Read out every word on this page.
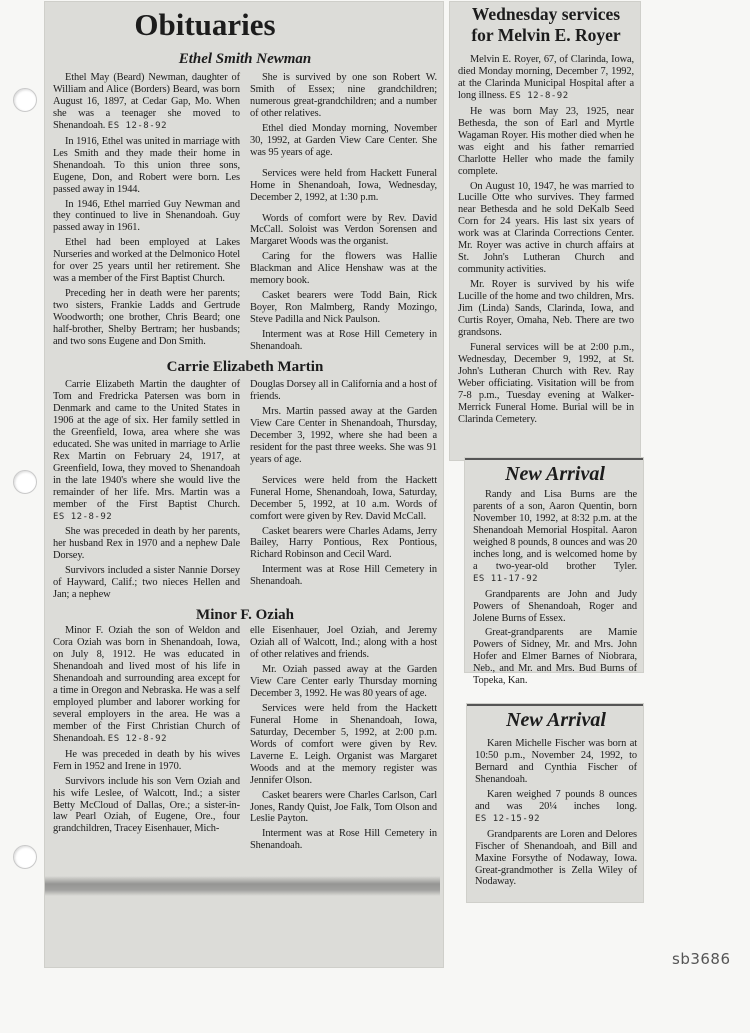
Obituaries
Ethel Smith Newman

Ethel May (Beard) Newman, daughter of William and Alice (Borders) Beard, was born August 16, 1897, at Cedar Gap, Mo. When she was a teenager she moved to Shenandoah. ES 12-8-92

In 1916, Ethel was united in marriage with Les Smith and they made their home in Shenandoah. To this union three sons, Eugene, Don, and Robert were born. Les passed away in 1944.

In 1946, Ethel married Guy Newman and they continued to live in Shenandoah. Guy passed away in 1961.

Ethel had been employed at Lakes Nurseries and worked at the Delmonico Hotel for over 25 years until her retirement. She was a member of the First Baptist Church.

Preceding her in death were her parents; two sisters, Frankie Ladds and Gertrude Woodworth; one brother, Chris Beard; one half-brother, Shelby Bertram; her husbands; and two sons Eugene and Don Smith.

She is survived by one son Robert W. Smith of Essex; nine grandchildren; numerous great-grandchildren; and a number of other relatives.

Ethel died Monday morning, November 30, 1992, at Garden View Care Center. She was 95 years of age.

Services were held from Hackett Funeral Home in Shenandoah, Iowa, Wednesday, December 2, 1992, at 1:30 p.m.

Words of comfort were by Rev. David McCall. Soloist was Verdon Sorensen and Margaret Woods was the organist.

Caring for the flowers was Hallie Blackman and Alice Henshaw was at the memory book.

Casket bearers were Todd Bain, Rick Boyer, Ron Malmberg, Randy Mozingo, Steve Padilla and Nick Paulson.

Interment was at Rose Hill Cemetery in Shenandoah.

Carrie Elizabeth Martin

Carrie Elizabeth Martin the daughter of Tom and Fredricka Patersen was born in Denmark and came to the United States in 1906 at the age of six. Her family settled in the Greenfield, Iowa, area where she was educated. She was united in marriage to Arlie Rex Martin on February 24, 1917, at Greenfield, Iowa, they moved to Shenandoah in the late 1940's where she would live the remainder of her life. Mrs. Martin was a member of the First Baptist Church. ES 12-8-92

She was preceded in death by her parents, her husband Rex in 1970 and a nephew Dale Dorsey.

Survivors included a sister Nannie Dorsey of Hayward, Calif.; two nieces Hellen and Jan; a nephew

Douglas Dorsey all in California and a host of friends.

Mrs. Martin passed away at the Garden View Care Center in Shenandoah, Thursday, December 3, 1992, where she had been a resident for the past three weeks. She was 91 years of age.

Services were held from the Hackett Funeral Home, Shenandoah, Iowa, Saturday, December 5, 1992, at 10 a.m. Words of comfort were given by Rev. David McCall.

Casket bearers were Charles Adams, Jerry Bailey, Harry Pontious, Rex Pontious, Richard Robinson and Cecil Ward.

Interment was at Rose Hill Cemetery in Shenandoah.

Minor F. Oziah

Minor F. Oziah the son of Weldon and Cora Oziah was born in Shenandoah, Iowa, on July 8, 1912. He was educated in Shenandoah and lived most of his life in Shenandoah and surrounding area except for a time in Oregon and Nebraska. He was a self employed plumber and laborer working for several employers in the area. He was a member of the First Christian Church of Shenandoah. ES 12-8-92

He was preceded in death by his wives Fern in 1952 and Irene in 1970.

Survivors include his son Vern Oziah and his wife Leslee, of Walcott, Ind.; a sister Betty McCloud of Dallas, Ore.; a sister-in-law Pearl Oziah, of Eugene, Ore., four grandchildren, Tracey Eisenhauer, Mich-

elle Eisenhauer, Joel Oziah, and Jeremy Oziah all of Walcott, Ind.; along with a host of other relatives and friends.

Mr. Oziah passed away at the Garden View Care Center early Thursday morning December 3, 1992. He was 80 years of age.

Services were held from the Hackett Funeral Home in Shenandoah, Iowa, Saturday, December 5, 1992, at 2:00 p.m. Words of comfort were given by Rev. Laverne E. Leigh. Organist was Margaret Woods and at the memory register was Jennifer Olson.

Casket bearers were Charles Carlson, Carl Jones, Randy Quist, Joe Falk, Tom Olson and Leslie Payton.

Interment was at Rose Hill Cemetery in Shenandoah.

Wednesday services
for Melvin E. Royer

Melvin E. Royer, 67, of Clarinda, Iowa, died Monday morning, December 7, 1992, at the Clarinda Municipal Hospital after a long illness. ES 12-8-92

He was born May 23, 1925, near Bethesda, the son of Earl and Myrtle Wagaman Royer. His mother died when he was eight and his father remarried Charlotte Heller who made the family complete.

On August 10, 1947, he was married to Lucille Otte who survives. They farmed near Bethesda and he sold DeKalb Seed Corn for 24 years. His last six years of work was at Clarinda Corrections Center. Mr. Royer was active in church affairs at St. John's Lutheran Church and community activities.

Mr. Royer is survived by his wife Lucille of the home and two children, Mrs. Jim (Linda) Sands, Clarinda, Iowa, and Curtis Royer, Omaha, Neb. There are two grandsons.

Funeral services will be at 2:00 p.m., Wednesday, December 9, 1992, at St. John's Lutheran Church with Rev. Ray Weber officiating. Visitation will be from 7-8 p.m., Tuesday evening at Walker-Merrick Funeral Home. Burial will be in Clarinda Cemetery.

New Arrival

Randy and Lisa Burns are the parents of a son, Aaron Quentin, born November 10, 1992, at 8:32 p.m. at the Shenandoah Memorial Hospital. Aaron weighed 8 pounds, 8 ounces and was 20 inches long, and is welcomed home by a two-year-old brother Tyler. ES 11-17-92

Grandparents are John and Judy Powers of Shenandoah, Roger and Jolene Burns of Essex.

Great-grandparents are Mamie Powers of Sidney, Mr. and Mrs. John Hofer and Elmer Barnes of Niobrara, Neb., and Mr. and Mrs. Bud Burns of Topeka, Kan.

New Arrival

Karen Michelle Fischer was born at 10:50 p.m., November 24, 1992, to Bernard and Cynthia Fischer of Shenandoah.

Karen weighed 7 pounds 8 ounces and was 20¼ inches long. ES 12-15-92

Grandparents are Loren and Delores Fischer of Shenandoah, and Bill and Maxine Forsythe of Nodaway, Iowa. Great-grandmother is Zella Wiley of Nodaway.

sb3686
